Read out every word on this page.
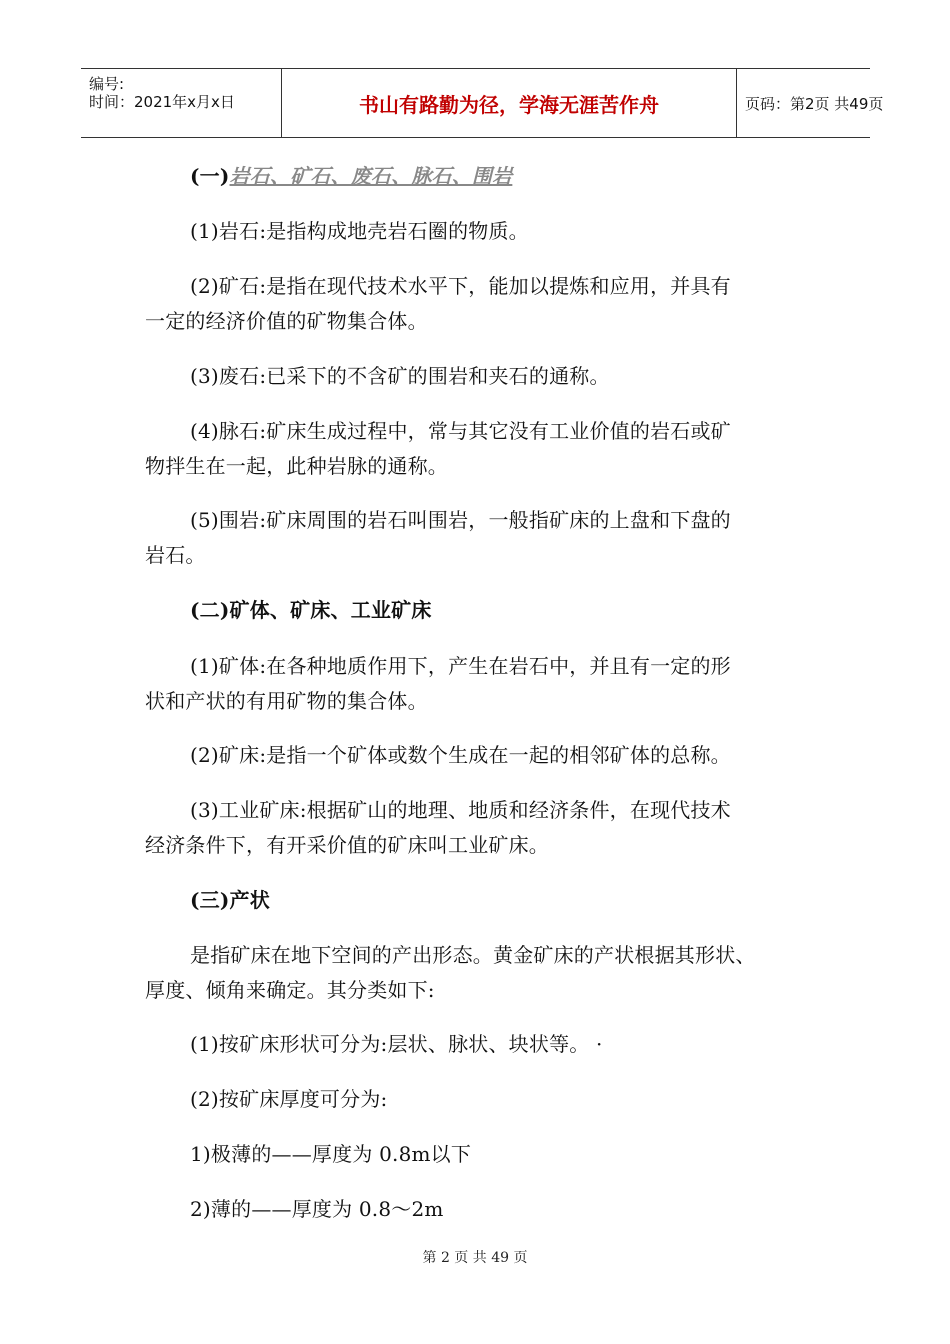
编号:
时间：2021年x月x日	书山有路勤为径，学海无涯苦作舟	页码：第2页 共49页
(一)岩石、矿石、废石、脉石、围岩
(1)岩石:是指构成地壳岩石圈的物质。
(2)矿石:是指在现代技术水平下，能加以提炼和应用，并具有
一定的经济价值的矿物集合体。
(3)废石:已采下的不含矿的围岩和夹石的通称。
(4)脉石:矿床生成过程中，常与其它没有工业价值的岩石或矿
物拌生在一起，此种岩脉的通称。
(5)围岩:矿床周围的岩石叫围岩，一般指矿床的上盘和下盘的
岩石。
(二)矿体、矿床、工业矿床
(1)矿体:在各种地质作用下，产生在岩石中，并且有一定的形
状和产状的有用矿物的集合体。
(2)矿床:是指一个矿体或数个生成在一起的相邻矿体的总称。
(3)工业矿床:根据矿山的地理、地质和经济条件，在现代技术
经济条件下，有开采价值的矿床叫工业矿床。
(三)产状
是指矿床在地下空间的产出形态。黄金矿床的产状根据其形状、
厚度、倾角来确定。其分类如下:
(1)按矿床形状可分为:层状、脉状、块状等。 ·
(2)按矿床厚度可分为:
1)极薄的——厚度为 0.8m以下
2)薄的——厚度为 0.8～2m
第 2 页 共 49 页
